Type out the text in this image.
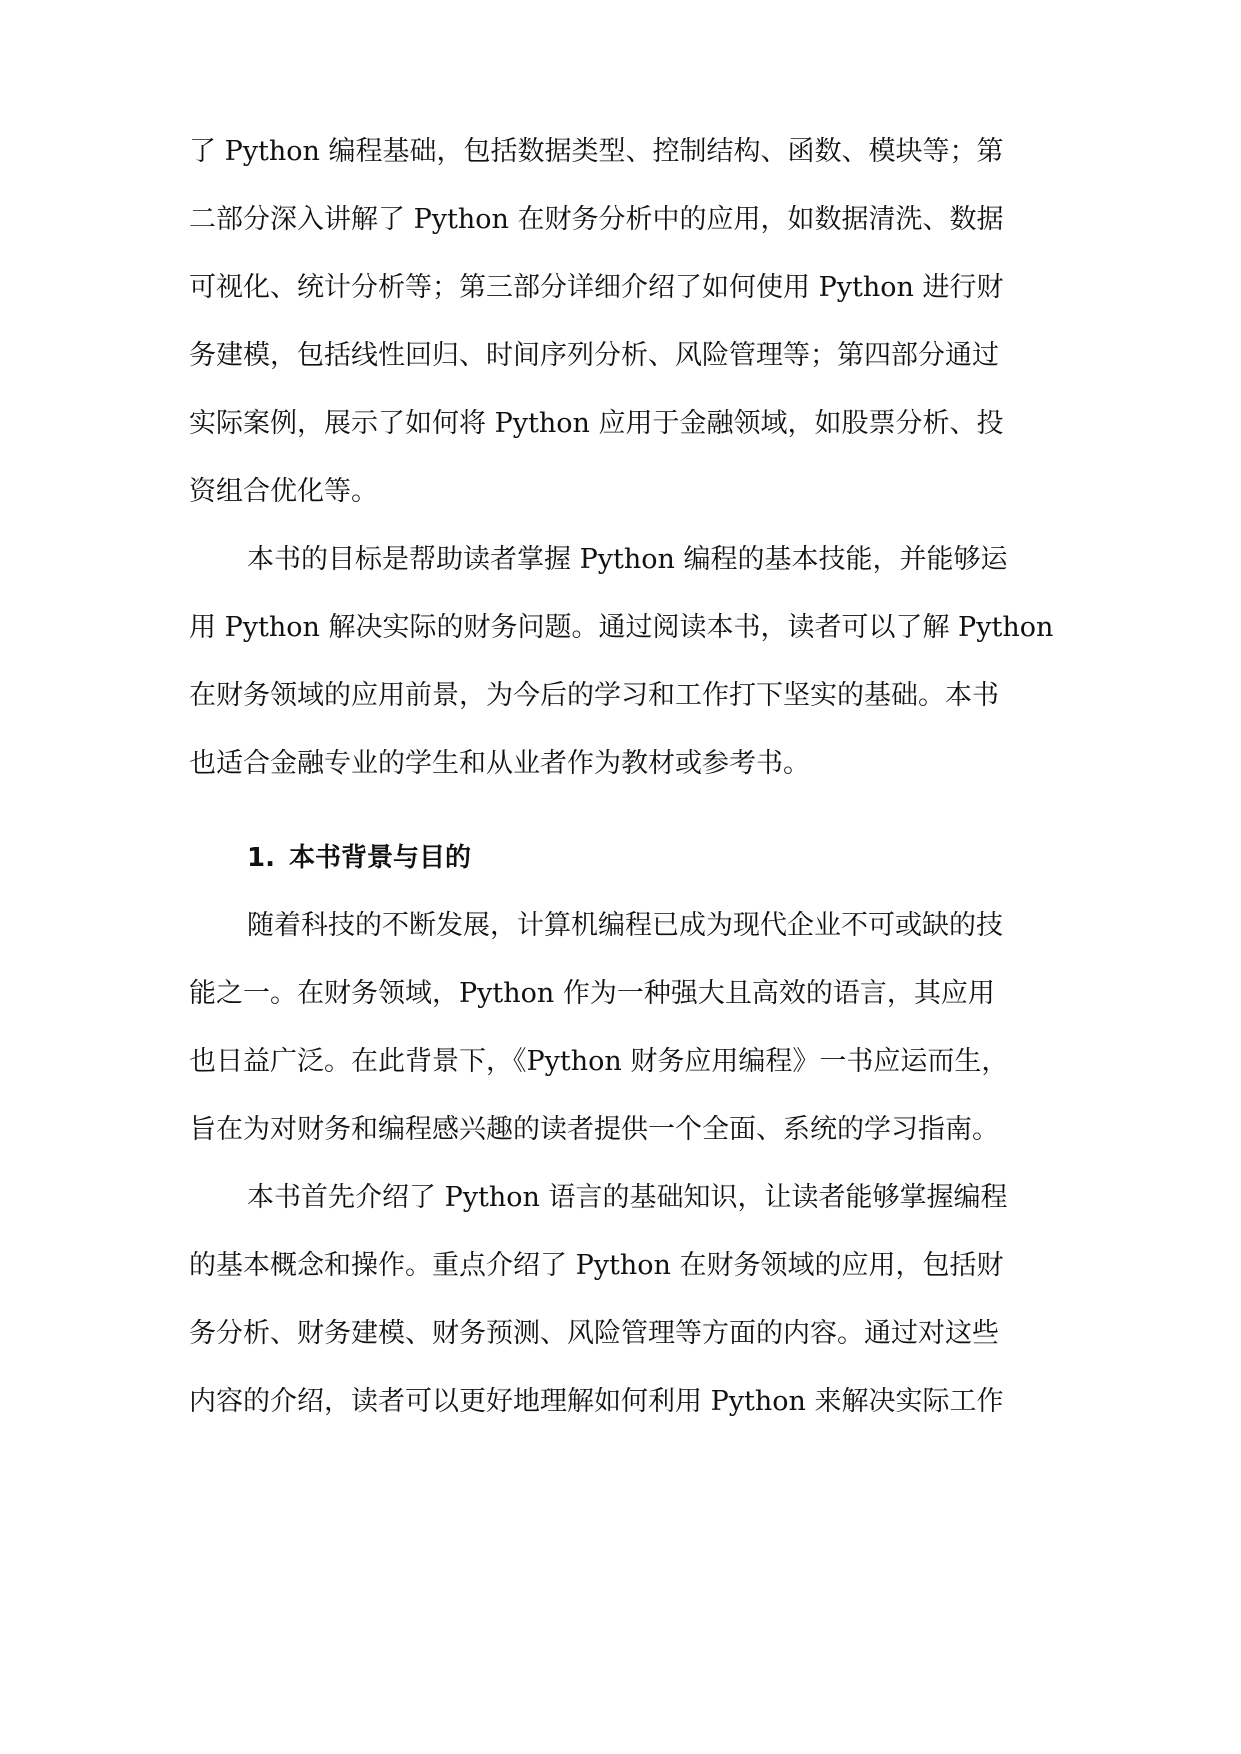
了 Python 编程基础，包括数据类型、控制结构、函数、模块等；第
二部分深入讲解了 Python 在财务分析中的应用，如数据清洗、数据
可视化、统计分析等；第三部分详细介绍了如何使用 Python 进行财
务建模，包括线性回归、时间序列分析、风险管理等；第四部分通过
实际案例，展示了如何将 Python 应用于金融领域，如股票分析、投
资组合优化等。
本书的目标是帮助读者掌握 Python 编程的基本技能，并能够运
用 Python 解决实际的财务问题。通过阅读本书，读者可以了解 Python
在财务领域的应用前景，为今后的学习和工作打下坚实的基础。本书
也适合金融专业的学生和从业者作为教材或参考书。
1. 本书背景与目的
随着科技的不断发展，计算机编程已成为现代企业不可或缺的技
能之一。在财务领域，Python 作为一种强大且高效的语言，其应用
也日益广泛。在此背景下，《Python 财务应用编程》一书应运而生，
旨在为对财务和编程感兴趣的读者提供一个全面、系统的学习指南。
本书首先介绍了 Python 语言的基础知识，让读者能够掌握编程
的基本概念和操作。重点介绍了 Python 在财务领域的应用，包括财
务分析、财务建模、财务预测、风险管理等方面的内容。通过对这些
内容的介绍，读者可以更好地理解如何利用 Python 来解决实际工作
